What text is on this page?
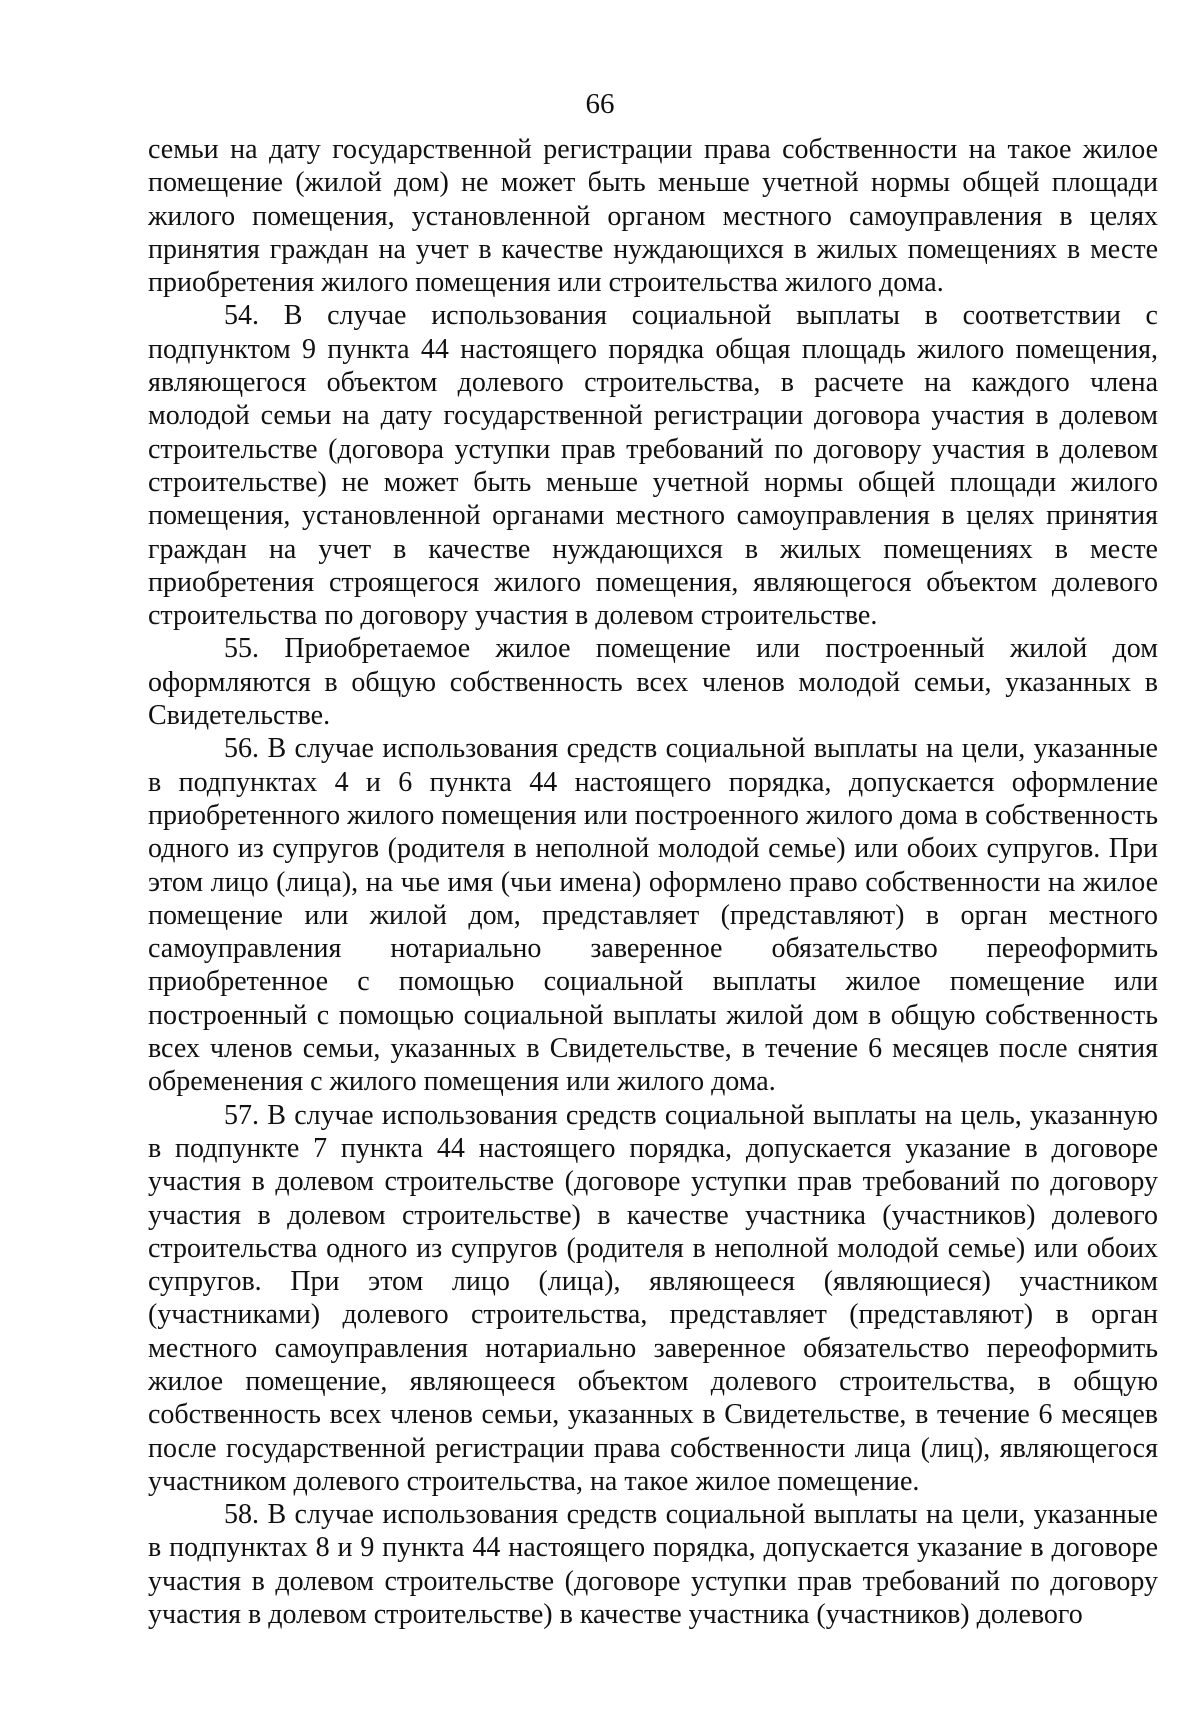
66

семьи на дату государственной регистрации права собственности на такое жилое помещение (жилой дом) не может быть меньше учетной нормы общей площади жилого помещения, установленной органом местного самоуправления в целях принятия граждан на учет в качестве нуждающихся в жилых помещениях в месте приобретения жилого помещения или строительства жилого дома.

54. В случае использования социальной выплаты в соответствии с подпунктом 9 пункта 44 настоящего порядка общая площадь жилого помещения, являющегося объектом долевого строительства, в расчете на каждого члена молодой семьи на дату государственной регистрации договора участия в долевом строительстве (договора уступки прав требований по договору участия в долевом строительстве) не может быть меньше учетной нормы общей площади жилого помещения, установленной органами местного самоуправления в целях принятия граждан на учет в качестве нуждающихся в жилых помещениях в месте приобретения строящегося жилого помещения, являющегося объектом долевого строительства по договору участия в долевом строительстве.

55. Приобретаемое жилое помещение или построенный жилой дом оформляются в общую собственность всех членов молодой семьи, указанных в Свидетельстве.

56. В случае использования средств социальной выплаты на цели, указанные в подпунктах 4 и 6 пункта 44 настоящего порядка, допускается оформление приобретенного жилого помещения или построенного жилого дома в собственность одного из супругов (родителя в неполной молодой семье) или обоих супругов. При этом лицо (лица), на чье имя (чьи имена) оформлено право собственности на жилое помещение или жилой дом, представляет (представляют) в орган местного самоуправления нотариально заверенное обязательство переоформить приобретенное с помощью социальной выплаты жилое помещение или построенный с помощью социальной выплаты жилой дом в общую собственность всех членов семьи, указанных в Свидетельстве, в течение 6 месяцев после снятия обременения с жилого помещения или жилого дома.

57. В случае использования средств социальной выплаты на цель, указанную в подпункте 7 пункта 44 настоящего порядка, допускается указание в договоре участия в долевом строительстве (договоре уступки прав требований по договору участия в долевом строительстве) в качестве участника (участников) долевого строительства одного из супругов (родителя в неполной молодой семье) или обоих супругов. При этом лицо (лица), являющееся (являющиеся) участником (участниками) долевого строительства, представляет (представляют) в орган местного самоуправления нотариально заверенное обязательство переоформить жилое помещение, являющееся объектом долевого строительства, в общую собственность всех членов семьи, указанных в Свидетельстве, в течение 6 месяцев после государственной регистрации права собственности лица (лиц), являющегося участником долевого строительства, на такое жилое помещение.

58. В случае использования средств социальной выплаты на цели, указанные в подпунктах 8 и 9 пункта 44 настоящего порядка, допускается указание в договоре участия в долевом строительстве (договоре уступки прав требований по договору участия в долевом строительстве) в качестве участника (участников) долевого
